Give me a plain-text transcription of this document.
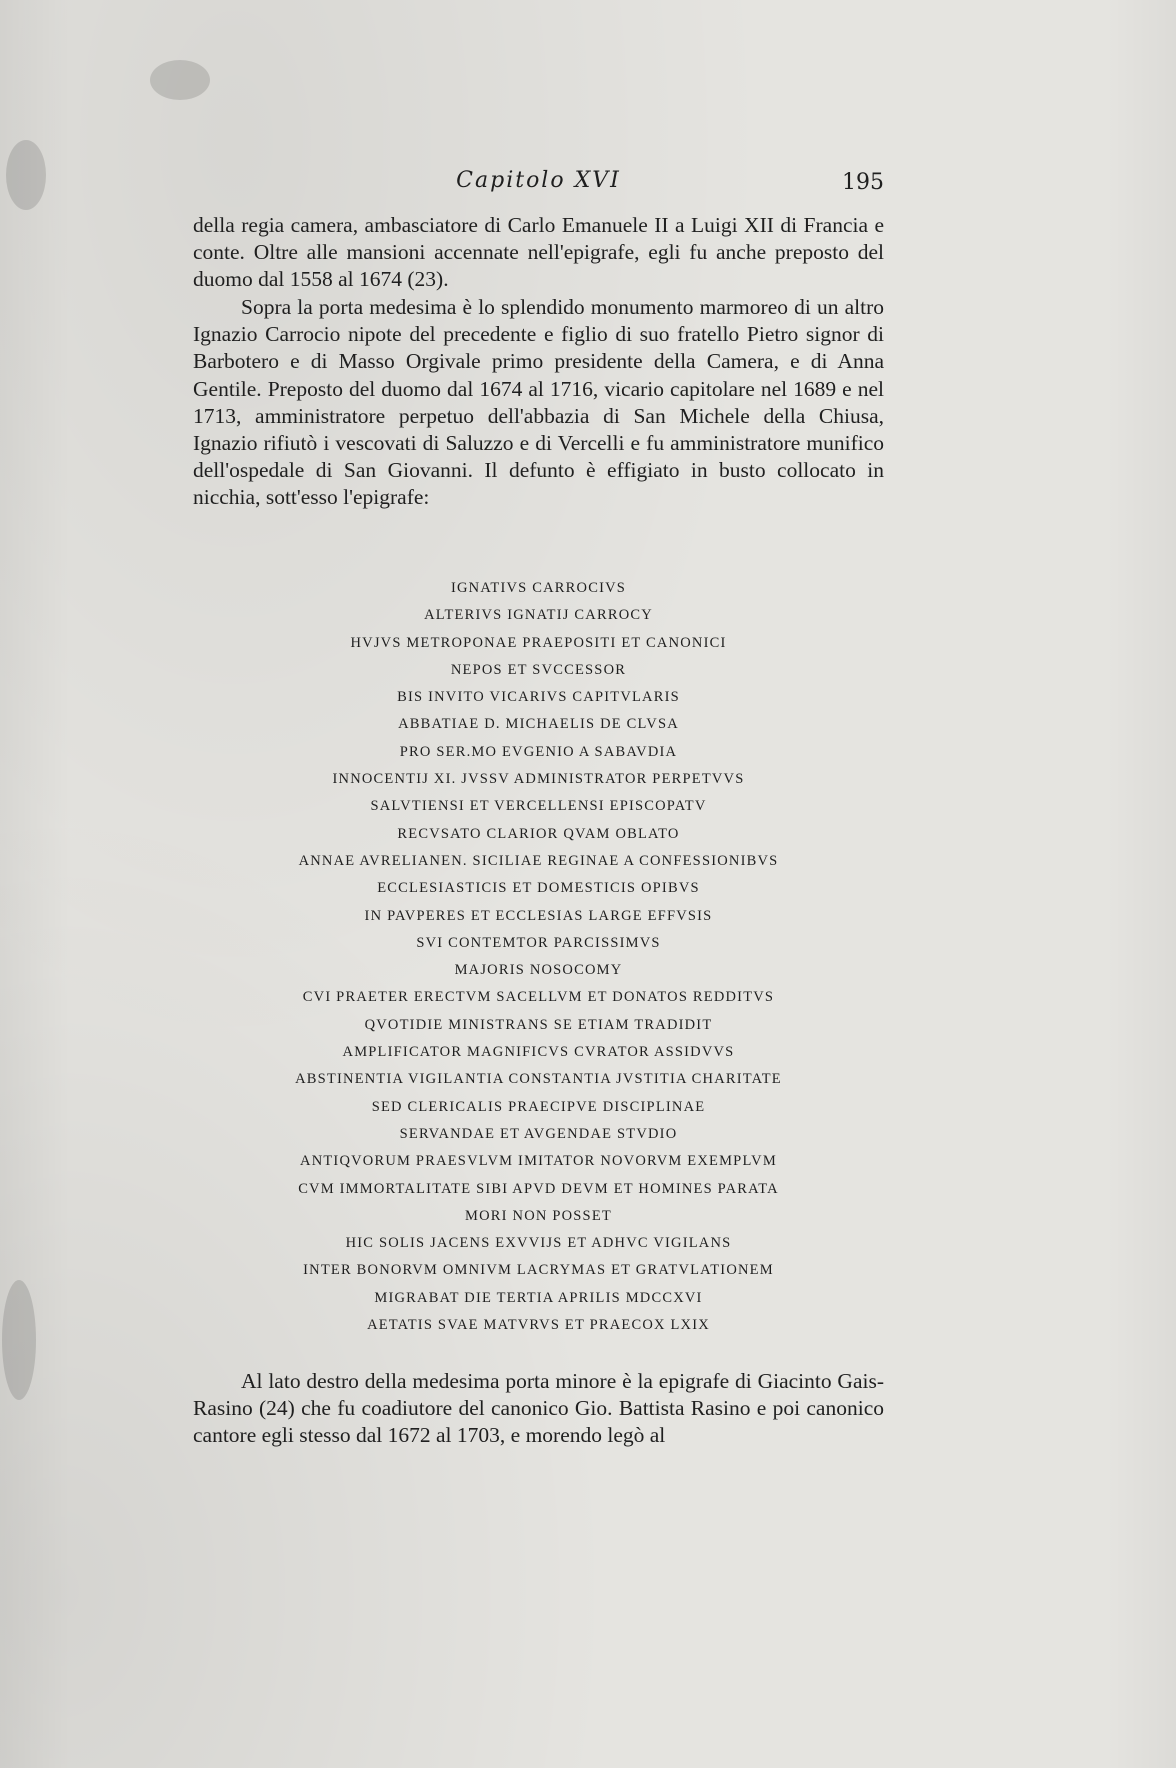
Capitolo XVI	195

della regia camera, ambasciatore di Carlo Emanuele II a Luigi XII di Francia e conte. Oltre alle mansioni accennate nell'epigrafe, egli fu anche preposto del duomo dal 1558 al 1674 (23).

Sopra la porta medesima è lo splendido monumento marmoreo di un altro Ignazio Carrocio nipote del precedente e figlio di suo fratello Pietro signor di Barbotero e di Masso Orgivale primo presidente della Camera, e di Anna Gentile. Preposto del duomo dal 1674 al 1716, vicario capitolare nel 1689 e nel 1713, amministratore perpetuo dell'abbazia di San Michele della Chiusa, Ignazio rifiutò i vescovati di Saluzzo e di Vercelli e fu amministratore munifico dell'ospedale di San Giovanni. Il defunto è effigiato in busto collocato in nicchia, sott'esso l'epigrafe:

IGNATIVS CARROCIVS
ALTERIVS IGNATIJ CARROCY
HVJVS METROPONAE PRAEPOSITI ET CANONICI
NEPOS ET SVCCESSOR
BIS INVITO VICARIVS CAPITVLARIS
ABBATIAE D. MICHAELIS DE CLVSA
PRO SER.MO EVGENIO A SABAVDIA
INNOCENTIJ XI. JVSSV ADMINISTRATOR PERPETVVS
SALVTIENSI ET VERCELLENSI EPISCOPATV
RECVSATO CLARIOR QVAM OBLATO
ANNAE AVRELIANEN. SICILIAE REGINAE A CONFESSIONIBVS
ECCLESIASTICIS ET DOMESTICIS OPIBVS
IN PAVPERES ET ECCLESIAS LARGE EFFVSIS
SVI CONTEMTOR PARCISSIMVS
MAJORIS NOSOCOMY
CVI PRAETER ERECTVM SACELLVM ET DONATOS REDDITVS
QVOTIDIE MINISTRANS SE ETIAM TRADIDIT
AMPLIFICATOR MAGNIFICVS CVRATOR ASSIDVVS
ABSTINENTIA VIGILANTIA CONSTANTIA JVSTITIA CHARITATE
SED CLERICALIS PRAECIPVE DISCIPLINAE
SERVANDAE ET AVGENDAE STVDIO
ANTIQVORUM PRAESVLVM IMITATOR NOVORVM EXEMPLVM
CVM IMMORTALITATE SIBI APVD DEVM ET HOMINES PARATA
MORI NON POSSET
HIC SOLIS JACENS EXVVIJS ET ADHVC VIGILANS
INTER BONORVM OMNIVM LACRYMAS ET GRATVLATIONEM
MIGRABAT DIE TERTIA APRILIS MDCCXVI
AETATIS SVAE MATVRVS ET PRAECOX LXIX

Al lato destro della medesima porta minore è la epigrafe di Giacinto Gais-Rasino (24) che fu coadiutore del canonico Gio. Battista Rasino e poi canonico cantore egli stesso dal 1672 al 1703, e morendo legò al
